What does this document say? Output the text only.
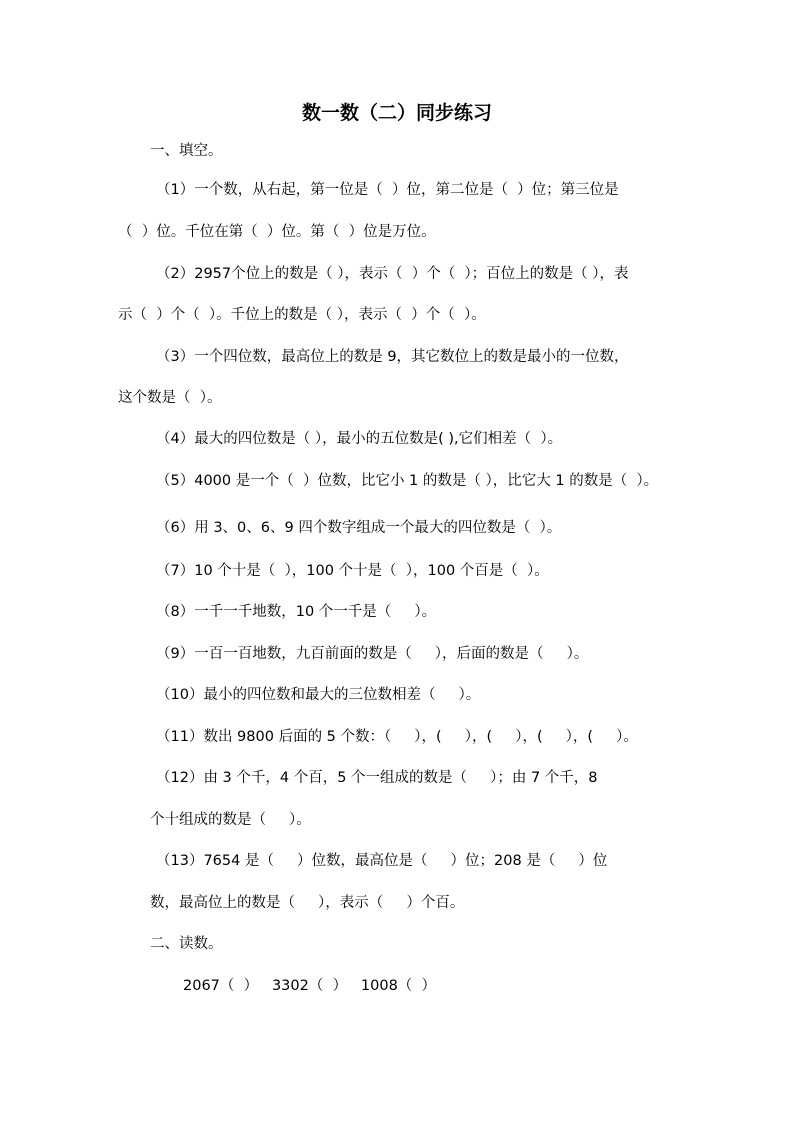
数一数（二）同步练习

一、填空。

（1）一个数，从右起，第一位是（  ）位，第二位是（  ）位；第三位是

（  ）位。千位在第（  ）位。第（  ）位是万位。

（2）2957个位上的数是（ ），表示（  ）个（  ）；百位上的数是（ ），表

示（  ）个（  ）。千位上的数是（ ），表示（  ）个（  ）。

（3）一个四位数，最高位上的数是 9，其它数位上的数是最小的一位数，

这个数是（  ）。

（4）最大的四位数是（ ），最小的五位数是( ),它们相差（  ）。

（5）4000 是一个（  ）位数，比它小 1 的数是（ ），比它大 1 的数是（  ）。

（6）用 3、0、6、9 四个数字组成一个最大的四位数是（  ）。

（7）10 个十是（  ），100 个十是（  ），100 个百是（  ）。

（8）一千一千地数，10 个一千是（     ）。

（9）一百一百地数，九百前面的数是（     ），后面的数是（     ）。

（10）最小的四位数和最大的三位数相差（     ）。

（11）数出 9800 后面的 5 个数：（     ），(     ），(     ），(     ），(     ）。

（12）由 3 个千，4 个百，5 个一组成的数是（     ）；由 7 个千，8

个十组成的数是（     ）。

（13）7654 是（     ）位数，最高位是（     ）位；208 是（     ）位

数，最高位上的数是（     ），表示（     ）个百。

二、读数。

2067（  ）   3302（  ）   1008（  ）
